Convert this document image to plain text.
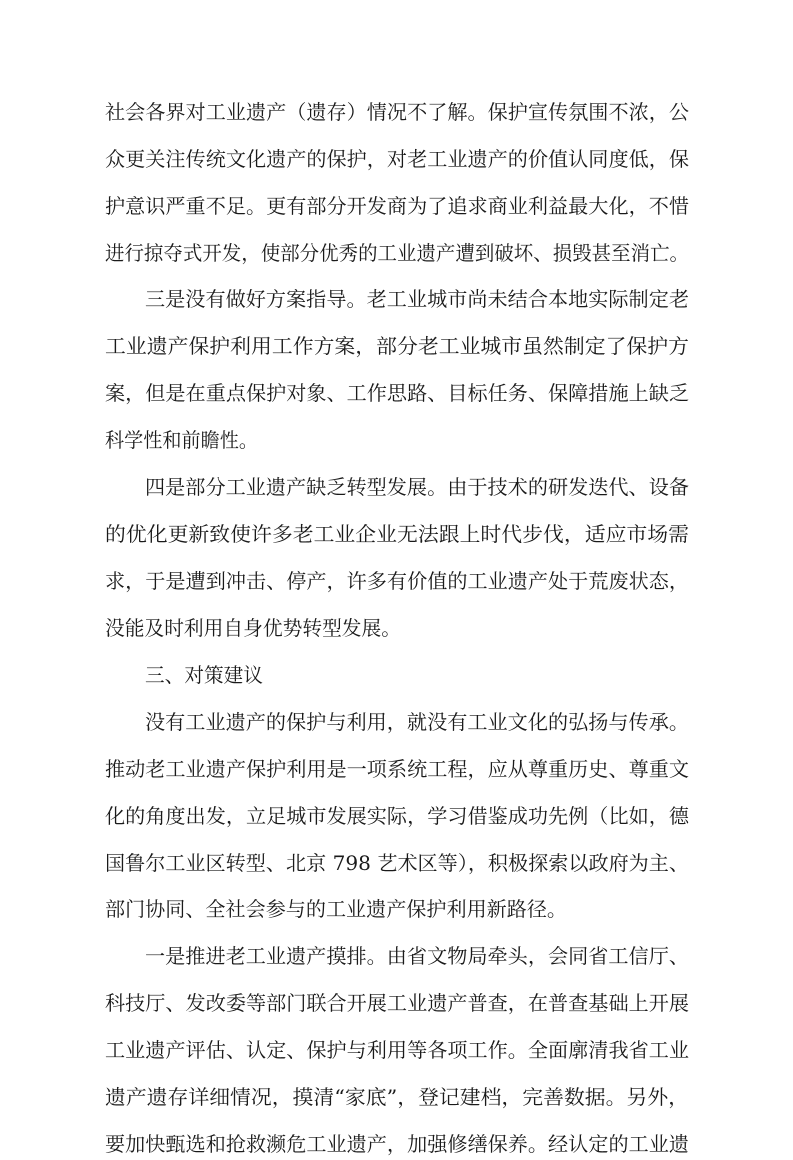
社会各界对工业遗产（遗存）情况不了解。保护宣传氛围不浓，公
众更关注传统文化遗产的保护，对老工业遗产的价值认同度低，保
护意识严重不足。更有部分开发商为了追求商业利益最大化，不惜
进行掠夺式开发，使部分优秀的工业遗产遭到破坏、损毁甚至消亡。
三是没有做好方案指导。老工业城市尚未结合本地实际制定老
工业遗产保护利用工作方案，部分老工业城市虽然制定了保护方
案，但是在重点保护对象、工作思路、目标任务、保障措施上缺乏
科学性和前瞻性。
四是部分工业遗产缺乏转型发展。由于技术的研发迭代、设备
的优化更新致使许多老工业企业无法跟上时代步伐，适应市场需
求，于是遭到冲击、停产，许多有价值的工业遗产处于荒废状态，
没能及时利用自身优势转型发展。
三、对策建议
没有工业遗产的保护与利用，就没有工业文化的弘扬与传承。
推动老工业遗产保护利用是一项系统工程，应从尊重历史、尊重文
化的角度出发，立足城市发展实际，学习借鉴成功先例（比如，德
国鲁尔工业区转型、北京 798 艺术区等），积极探索以政府为主、
部门协同、全社会参与的工业遗产保护利用新路径。
一是推进老工业遗产摸排。由省文物局牵头，会同省工信厅、
科技厅、发改委等部门联合开展工业遗产普查，在普查基础上开展
工业遗产评估、认定、保护与利用等各项工作。全面廓清我省工业
遗产遗存详细情况，摸清“家底”，登记建档，完善数据。另外，
要加快甄选和抢救濒危工业遗产，加强修缮保养。经认定的工业遗
